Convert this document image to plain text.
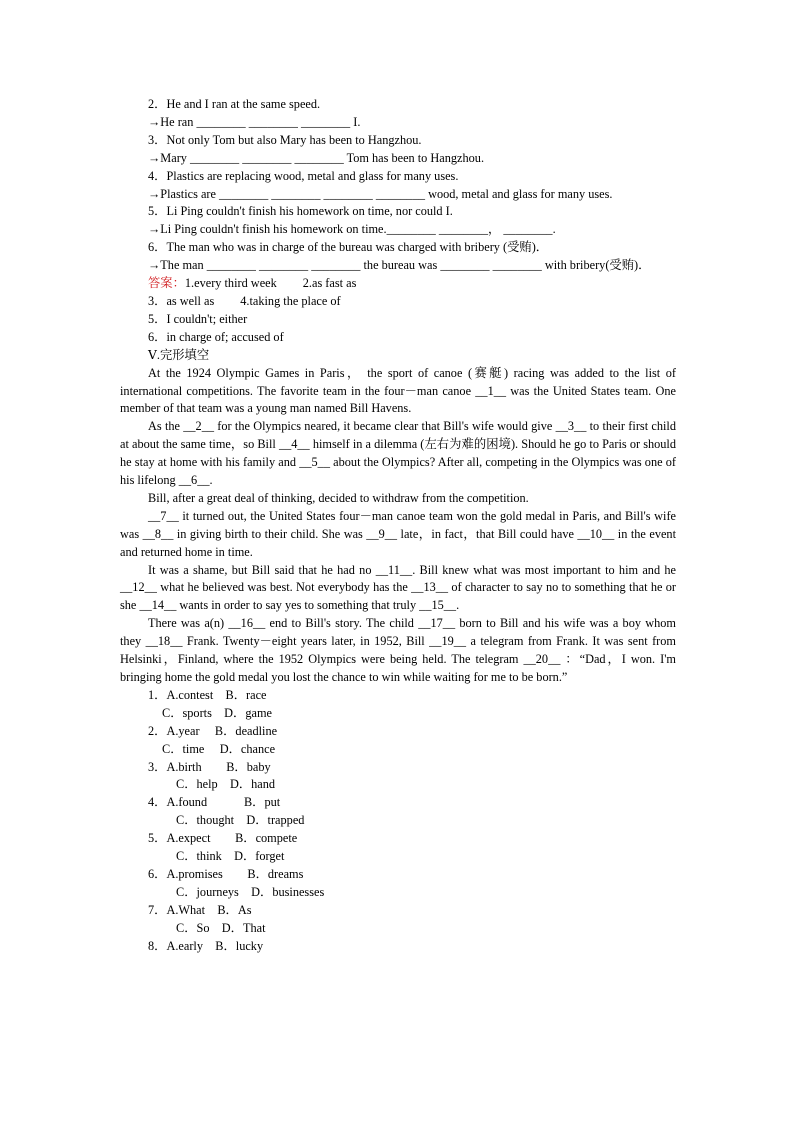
2．He and I ran at the same speed.
→He ran ________ ________ ________ I.
3．Not only Tom but also Mary has been to Hangzhou.
→Mary ________ ________ ________ Tom has been to Hangzhou.
4．Plastics are replacing wood, metal and glass for many uses.
→Plastics are ________ ________ ________ ________ wood, metal and glass for many uses.
5．Li Ping couldn't finish his homework on time, nor could I.
→Li Ping couldn't finish his homework on time.________ ________， ________.
6．The man who was in charge of the bureau was charged with bribery (受贿)．
→The man ________ ________ ________ the bureau was ________ ________ with bribery(受贿)．
答案：1.every third week 2.as fast as
3．as well as 4.taking the place of
5．I couldn't; either
6．in charge of; accused of
Ⅴ.完形填空
At the 1924 Olympic Games in Paris， the sport of canoe (赛艇) racing was added to the list of international competitions. The favorite team in the four－man canoe __1__ was the United States team. One member of that team was a young man named Bill Havens.
As the __2__ for the Olympics neared, it became clear that Bill's wife would give __3__ to their first child at about the same time，so Bill __4__ himself in a dilemma (左右为难的困境). Should he go to Paris or should he stay at home with his family and __5__ about the Olympics? After all, competing in the Olympics was one of his lifelong __6__.
Bill, after a great deal of thinking, decided to withdraw from the competition.
__7__ it turned out, the United States four－man canoe team won the gold medal in Paris, and Bill's wife was __8__ in giving birth to their child. She was __9__ late，in fact，that Bill could have __10__ in the event and returned home in time.
It was a shame, but Bill said that he had no __11__. Bill knew what was most important to him and he __12__ what he believed was best. Not everybody has the __13__ of character to say no to something that he or she __14__ wants in order to say yes to something that truly __15__.
There was a(n) __16__ end to Bill's story. The child __17__ born to Bill and his wife was a boy whom they __18__ Frank. Twenty－eight years later, in 1952, Bill __19__ a telegram from Frank. It was sent from Helsinki，Finland, where the 1952 Olympics were being held. The telegram __20__ ：“Dad，I won. I'm bringing home the gold medal you lost the chance to win while waiting for me to be born.”
1．A.contest　B．race
C．sports　D．game
2．A.year　 B．deadline
C．time　 D．chance
3．A.birth　　B．baby
C．help　D．hand
4．A.found　　　B．put
C．thought　D．trapped
5．A.expect　　B．compete
C．think　D．forget
6．A.promises　　B．dreams
C．journeys　D．businesses
7．A.What　B．As
C．So　D．That
8．A.early　B．lucky
